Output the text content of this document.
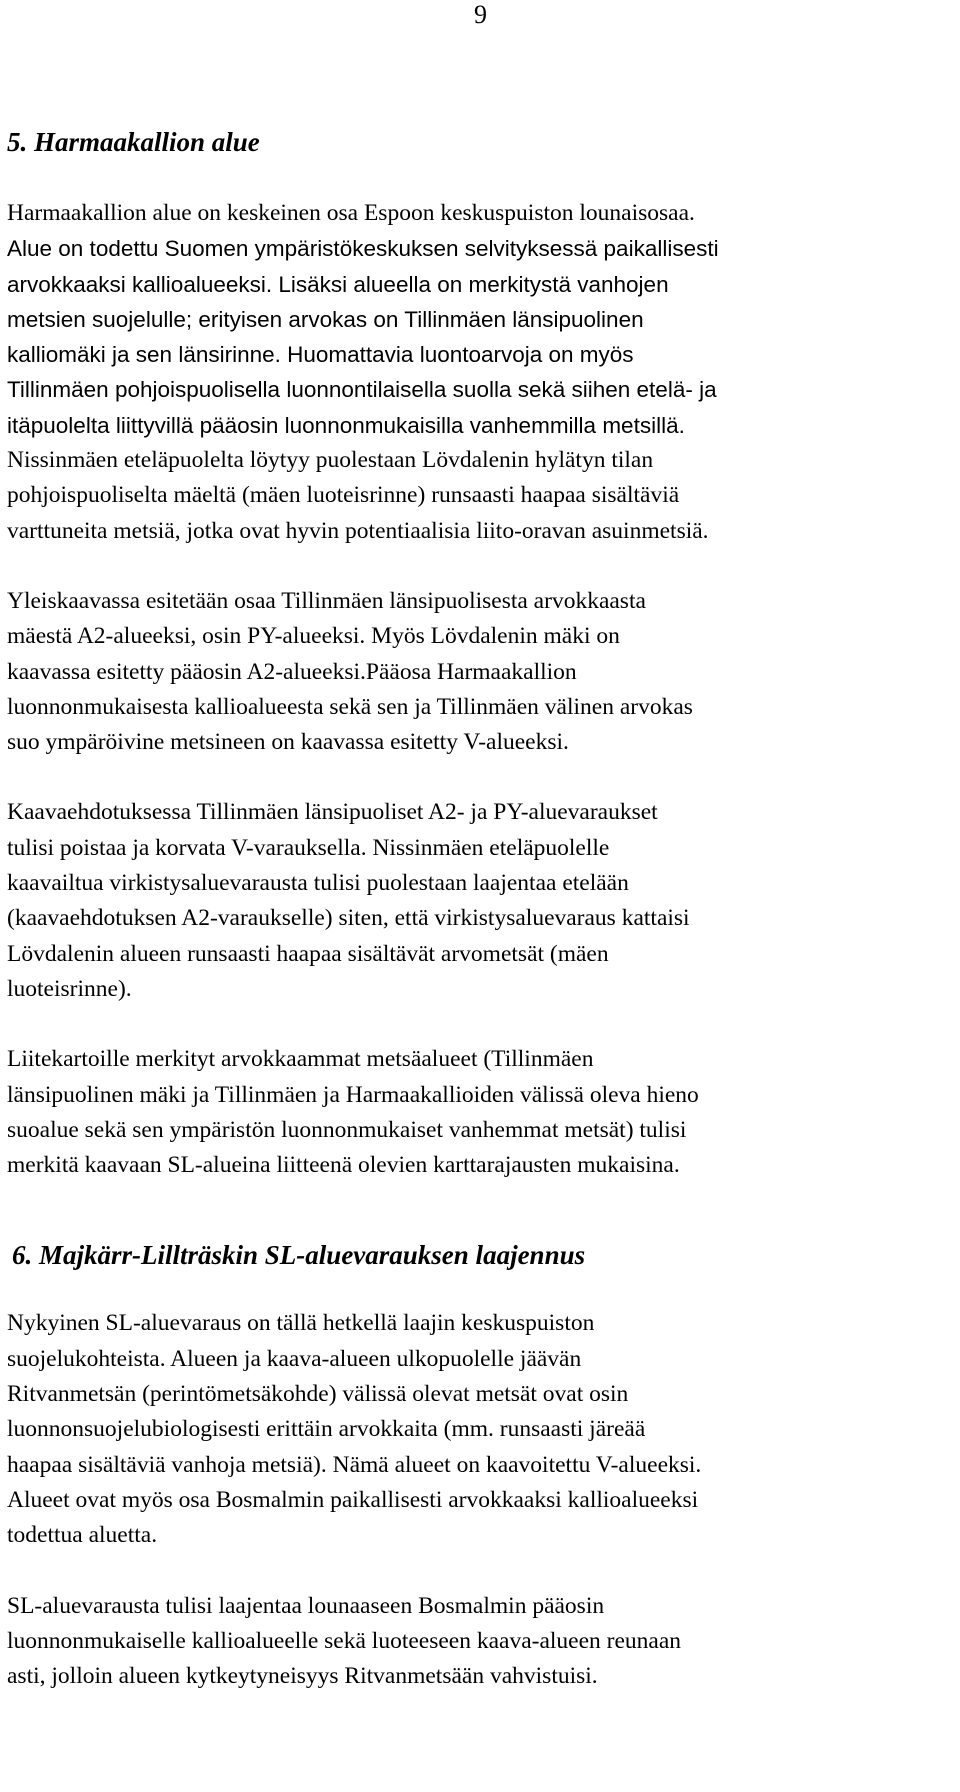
9
5. Harmaakallion alue

Harmaakallion alue on keskeinen osa Espoon keskuspuiston lounaisosaa.
Alue on todettu Suomen ympäristökeskuksen selvityksessä paikallisesti
arvokkaaksi kallioalueeksi. Lisäksi alueella on merkitystä vanhojen
metsien suojelulle; erityisen arvokas on Tillinmäen länsipuolinen
kalliomäki ja sen länsirinne. Huomattavia luontoarvoja on myös
Tillinmäen pohjoispuolisella luonnontilaisella suolla sekä siihen etelä- ja
itäpuolelta liittyvillä pääosin luonnonmukaisilla vanhemmilla metsillä.
Nissinmäen eteläpuolelta löytyy puolestaan Lövdalenin hylätyn tilan
pohjoispuoliselta mäeltä (mäen luoteisrinne) runsaasti haapaa sisältäviä
varttuneita metsiä, jotka ovat hyvin potentiaalisia liito-oravan asuinmetsiä.

Yleiskaavassa esitetään osaa Tillinmäen länsipuolisesta arvokkaasta
mäestä A2-alueeksi, osin PY-alueeksi. Myös Lövdalenin mäki on
kaavassa esitetty pääosin A2-alueeksi.Pääosa Harmaakallion
luonnonmukaisesta kallioalueesta sekä sen ja Tillinmäen välinen arvokas
suo ympäröivine metsineen on kaavassa esitetty V-alueeksi.

Kaavaehdotuksessa Tillinmäen länsipuoliset A2- ja PY-aluevaraukset
tulisi poistaa ja korvata V-varauksella. Nissinmäen eteläpuolelle
kaavailtua virkistysaluevarausta tulisi puolestaan laajentaa etelään
(kaavaehdotuksen A2-varaukselle) siten, että virkistysaluevaraus kattaisi
Lövdalenin alueen runsaasti haapaa sisältävät arvometsät (mäen
luoteisrinne).

Liitekartoille merkityt arvokkaammat metsäalueet (Tillinmäen
länsipuolinen mäki ja Tillinmäen ja Harmaakallioiden välissä oleva hieno
suoalue sekä sen ympäristön luonnonmukaiset vanhemmat metsät) tulisi
merkitä kaavaan SL-alueina liitteenä olevien karttarajausten mukaisina.

6. Majkärr-Lillträskin SL-aluevarauksen laajennus

Nykyinen SL-aluevaraus on tällä hetkellä laajin keskuspuiston
suojelukohteista. Alueen ja kaava-alueen ulkopuolelle jäävän
Ritvanmetsän (perintömetsäkohde) välissä olevat metsät ovat osin
luonnonsuojelubiologisesti erittäin arvokkaita (mm. runsaasti järeää
haapaa sisältäviä vanhoja metsiä). Nämä alueet on kaavoitettu V-alueeksi.
Alueet ovat myös osa Bosmalmin paikallisesti arvokkaaksi kallioalueeksi
todettua aluetta.

SL-aluevarausta tulisi laajentaa lounaaseen Bosmalmin pääosin
luonnonmukaiselle kallioalueelle sekä luoteeseen kaava-alueen reunaan
asti, jolloin alueen kytkeytyneisyys Ritvanmetsään vahvistuisi.
